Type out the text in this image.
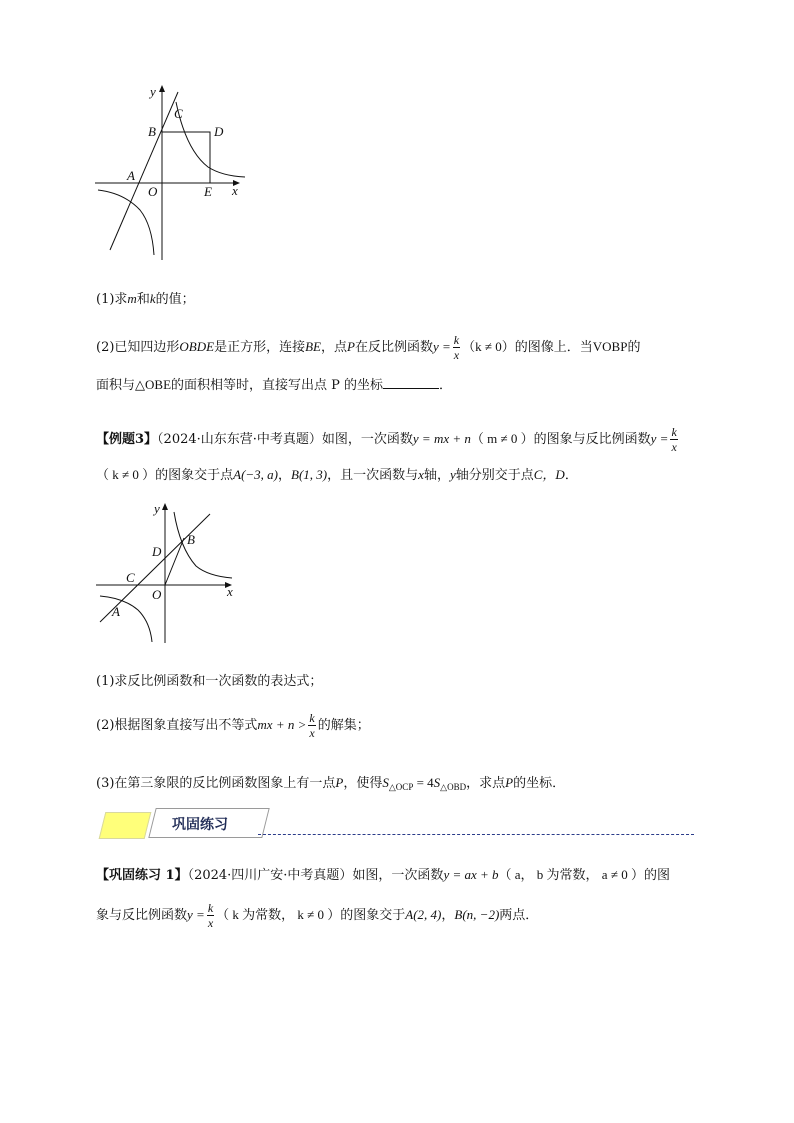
y
x
B
C
D
A
O	E
(1)求m和k的值；
(2)已知四边形OBDE是正方形，连接BE，点P在反比例函数$y = \frac{k}{x} (k \ne 0)$的图像上．当VOBP的
面积与△OBE的面积相等时，直接写出点 P 的坐标	．
【例题3】（2024·山东东营·中考真题）如图，一次函数y = mx + n（ m ≠ 0 ）的图象与反比例函数$y = \frac{k}{x}$
（ k ≠ 0 ）的图象交于点A(−3, a)，B(1, 3)，且一次函数与x轴，y轴分别交于点C，D．
y
x
B
D
C
O
A
(1)求反比例函数和一次函数的表达式；
(2)根据图象直接写出不等式mx + $n > \frac{k}{x}$ 的解集；
(3)在第三象限的反比例函数图象上有一点P，使得$S_{\triangle OCP} = 4S_{\triangle OBD}$，求点P的坐标．
巩固练习
【巩固练习 1】（2024·四川广安·中考真题）如图，一次函数y = ax + b（ a， b 为常数， a ≠ 0 ）的图
象与反比例函数$y = \frac{k}{x}$ （ k 为常数， k ≠ 0 ）的图象交于A(2, 4)，B(n, −2)两点．
